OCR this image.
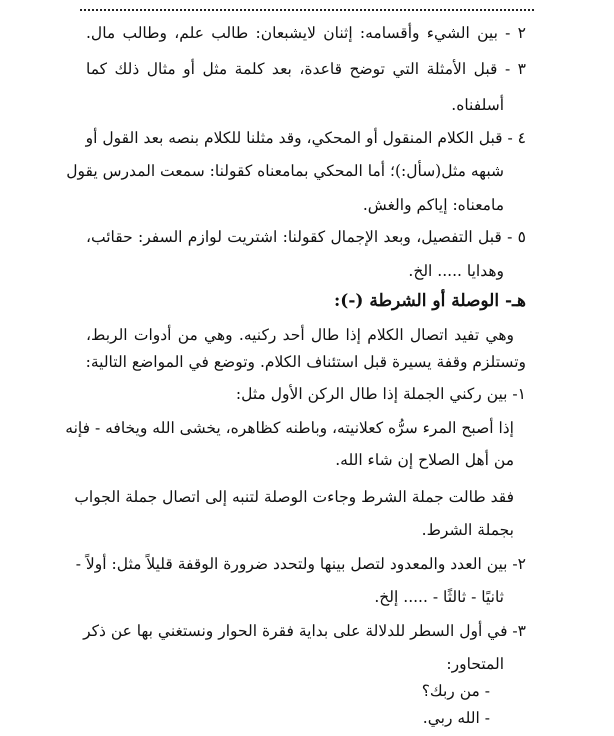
٢ - بين الشيء وأقسامه: إثنان لايشبعان: طالب علم، وطالب مال.
٣ - قبل الأمثلة التي توضح قاعدة، بعد كلمة مثل أو مثال ذلك كما
أسلفناه.
٤ - قبل الكلام المنقول أو المحكي، وقد مثلنا للكلام بنصه بعد القول أو
شبهه مثل(سأل:)؛ أما المحكي بمامعناه كقولنا: سمعت المدرس يقول
مامعناه: إياكم والغش.
٥ - قبل التفصيل، وبعد الإجمال كقولنا: اشتريت لوازم السفر: حقائب،
وهدايا ..... الخ.
هـ- الوصلة أو الشرطة (-):
وهي تفيد اتصال الكلام إذا طال أحد ركنيه. وهي من أدوات الربط،
وتستلزم وقفة يسيرة قبل استئناف الكلام. وتوضع في المواضع التالية:
١- بين ركني الجملة إذا طال الركن الأول مثل:
إذا أصبح المرء سرُّه كعلانيته، وباطنه كظاهره، يخشى الله ويخافه - فإنه
من أهل الصلاح إن شاء الله.
فقد طالت جملة الشرط وجاءت الوصلة لتنبه إلى اتصال جملة الجواب
بجملة الشرط.
٢- بين العدد والمعدود لتصل بينها ولتحدد ضرورة الوقفة قليلاً مثل: أولاً -
ثانيًا - ثالثًا - ..... إلخ.
٣- في أول السطر للدلالة على بداية فقرة الحوار ونستغني بها عن ذكر
المتحاور:
- من ربك؟
- الله ربي.
